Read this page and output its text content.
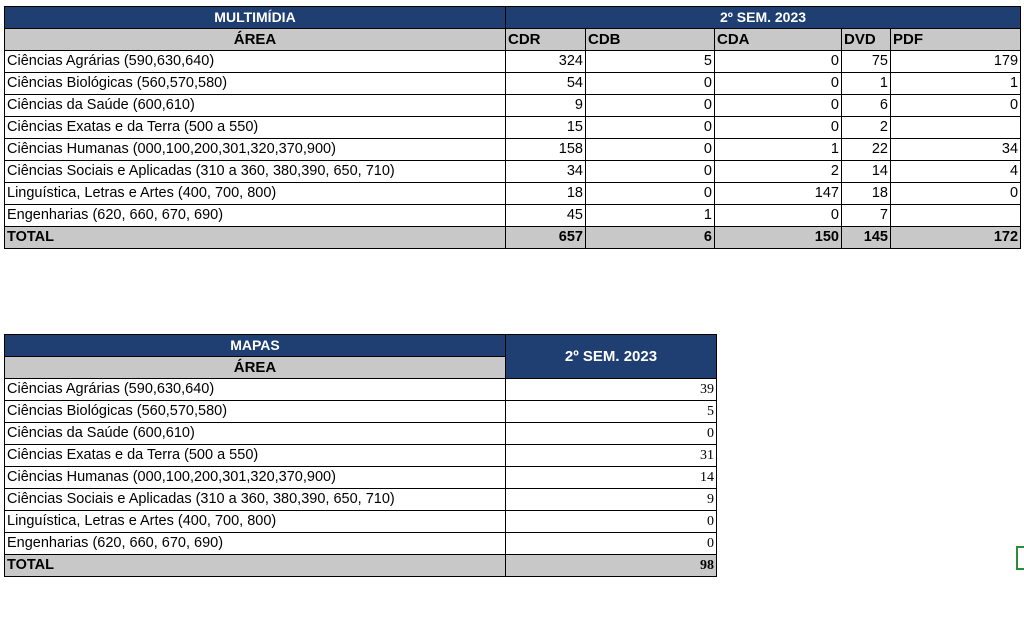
MULTIMÍDIA	2º SEM. 2023				
ÁREA	CDR	CDB	CDA	DVD	PDF
Ciências Agrárias (590,630,640)	324	5	0	75	179
Ciências Biológicas (560,570,580)	54	0	0	1	1
Ciências da Saúde (600,610)	9	0	0	6	0
Ciências Exatas e da Terra (500 a 550)	15	0	0	2	
Ciências Humanas (000,100,200,301,320,370,900)	158	0	1	22	34
Ciências Sociais e Aplicadas (310 a 360, 380,390, 650, 710)	34	0	2	14	4
Linguística, Letras e Artes (400, 700, 800)	18	0	147	18	0
Engenharias (620, 660, 670, 690)	45	1	0	7	
TOTAL	657	6	150	145	172
MAPAS	2º SEM. 2023
ÁREA	
Ciências Agrárias (590,630,640)	39
Ciências Biológicas (560,570,580)	5
Ciências da Saúde (600,610)	0
Ciências Exatas e da Terra (500 a 550)	31
Ciências Humanas (000,100,200,301,320,370,900)	14
Ciências Sociais e Aplicadas (310 a 360, 380,390, 650, 710)	9
Linguística, Letras e Artes (400, 700, 800)	0
Engenharias (620, 660, 670, 690)	0
TOTAL	98
